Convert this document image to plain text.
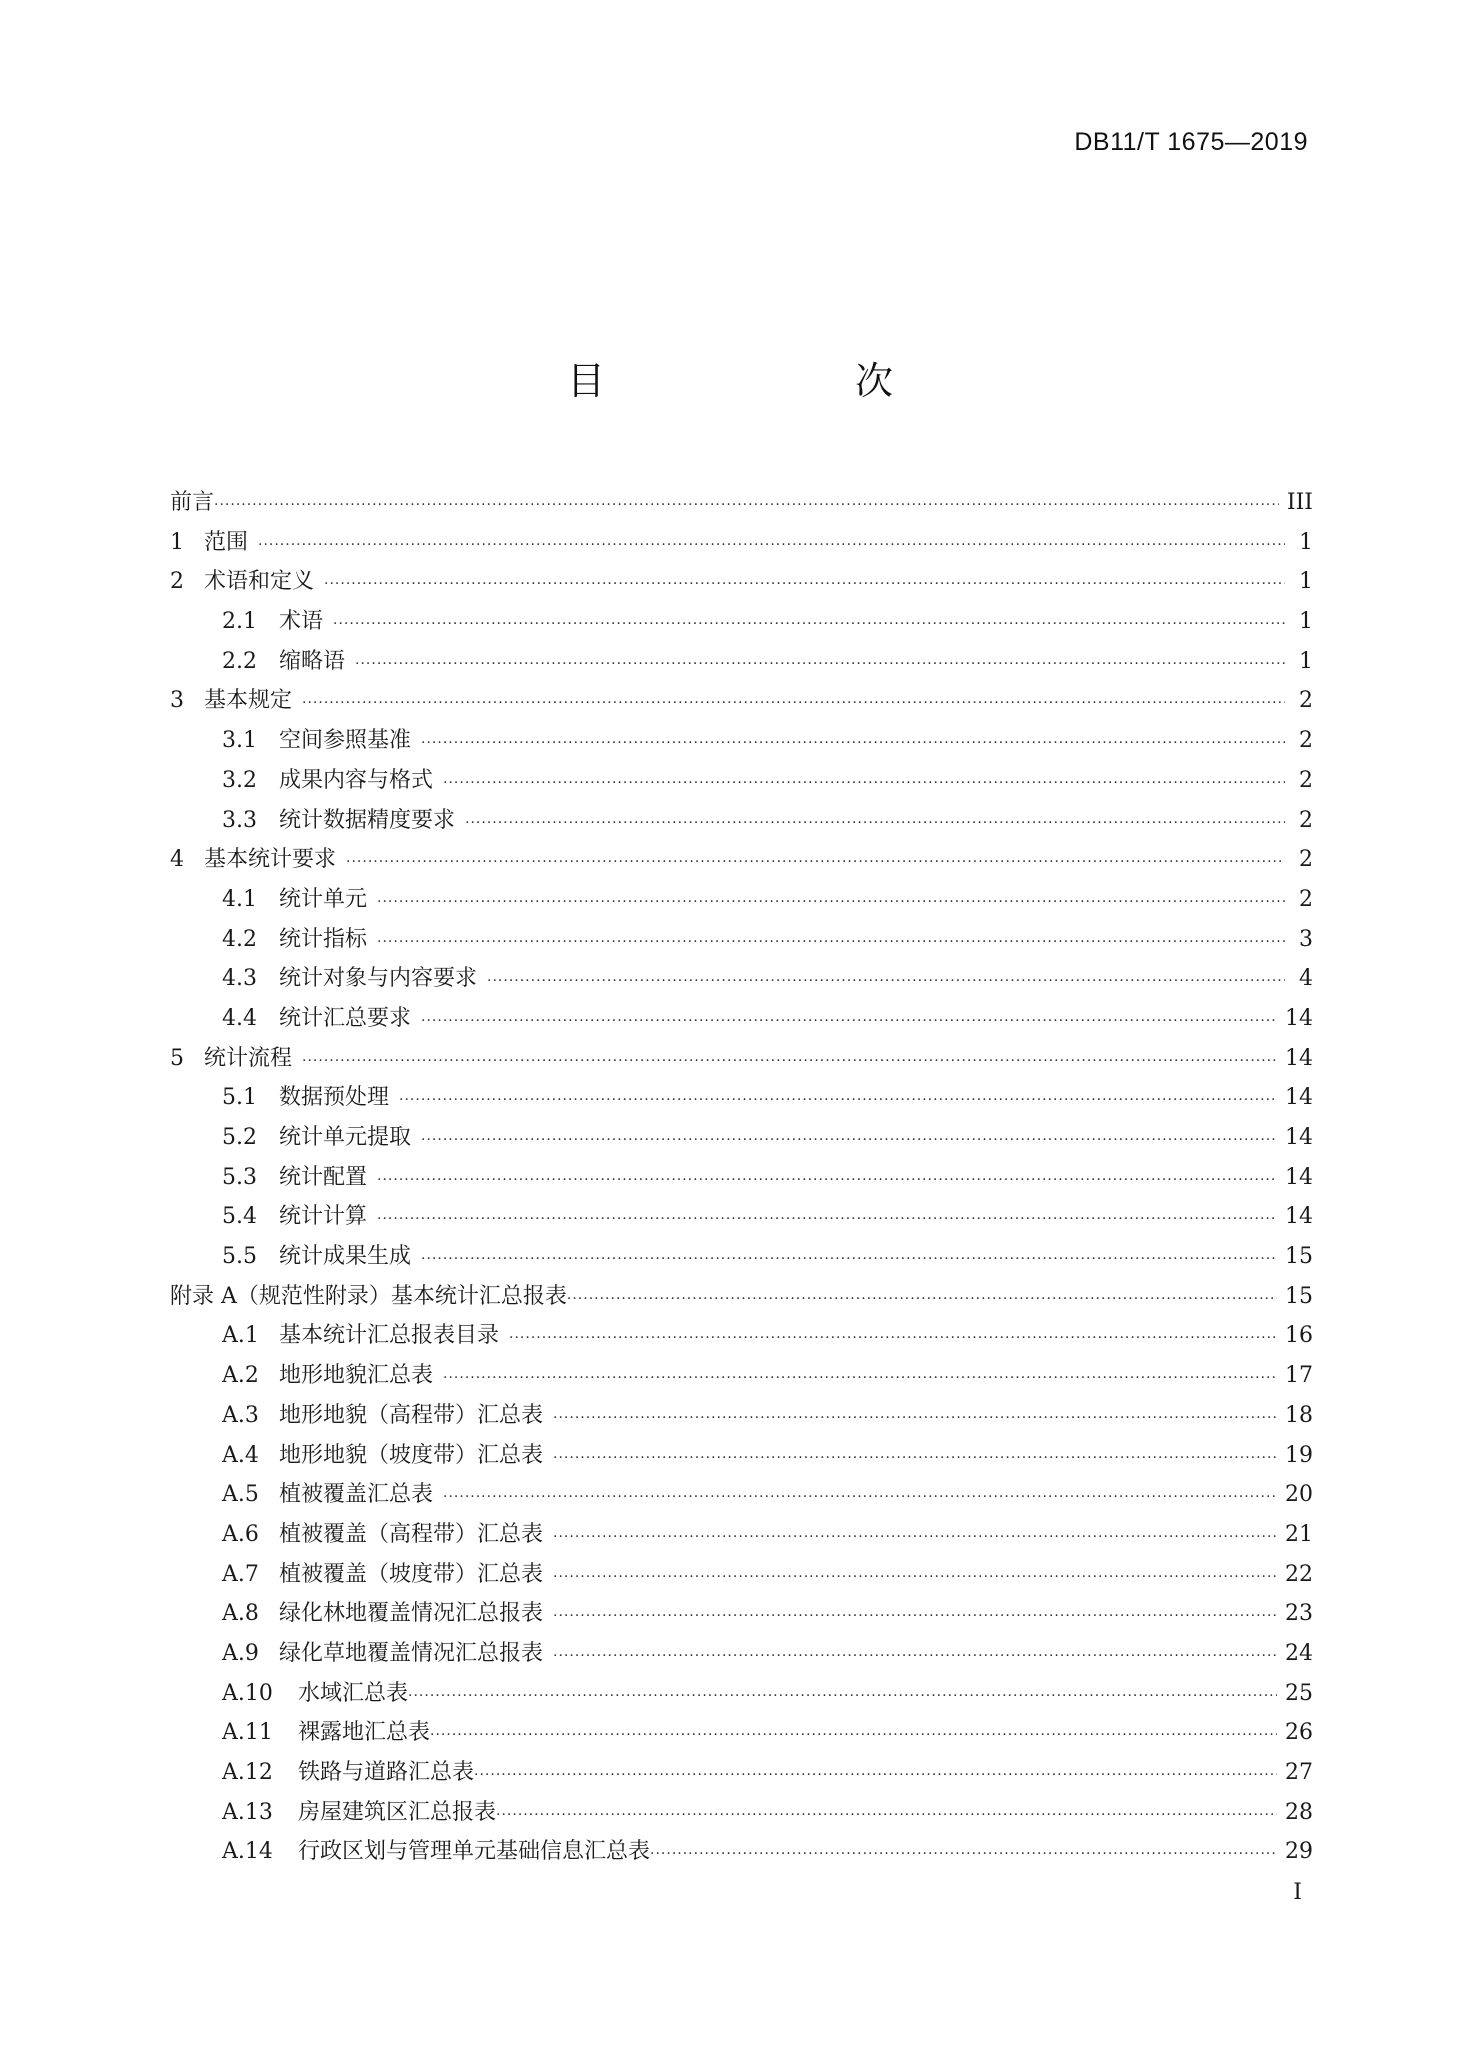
DB11/T 1675—2019
目　　次
前言 ·····	III
1 范围 ·····	1
2 术语和定义 ·····	1
2.1	术语 ·····	1
2.2	缩略语 ·····	1
3 基本规定 ·····	2
3.1	空间参照基准 ·····	2
3.2	成果内容与格式 ·····	2
3.3	统计数据精度要求 ·····	2
4 基本统计要求 ·····	2
4.1	统计单元 ·····	2
4.2	统计指标 ·····	3
4.3	统计对象与内容要求 ·····	4
4.4	统计汇总要求 ·····	14
5 统计流程 ·····	14
5.1	数据预处理 ·····	14
5.2	统计单元提取 ·····	14
5.3	统计配置 ·····	14
5.4	统计计算 ·····	14
5.5	统计成果生成 ·····	15
附录 A（规范性附录）基本统计汇总报表 ·····	15
A.1 基本统计汇总报表目录 ·····	16
A.2 地形地貌汇总表 ·····	17
A.3 地形地貌（高程带）汇总表 ·····	18
A.4 地形地貌（坡度带）汇总表 ·····	19
A.5 植被覆盖汇总表 ·····	20
A.6 植被覆盖（高程带）汇总表 ·····	21
A.7 植被覆盖（坡度带）汇总表 ·····	22
A.8 绿化林地覆盖情况汇总报表 ·····	23
A.9 绿化草地覆盖情况汇总报表 ·····	24
A.10	水域汇总表 ·····	25
A.11	裸露地汇总表 ·····	26
A.12	铁路与道路汇总表 ·····	27
A.13	房屋建筑区汇总报表 ·····	28
A.14	行政区划与管理单元基础信息汇总表 ·····	29
I
